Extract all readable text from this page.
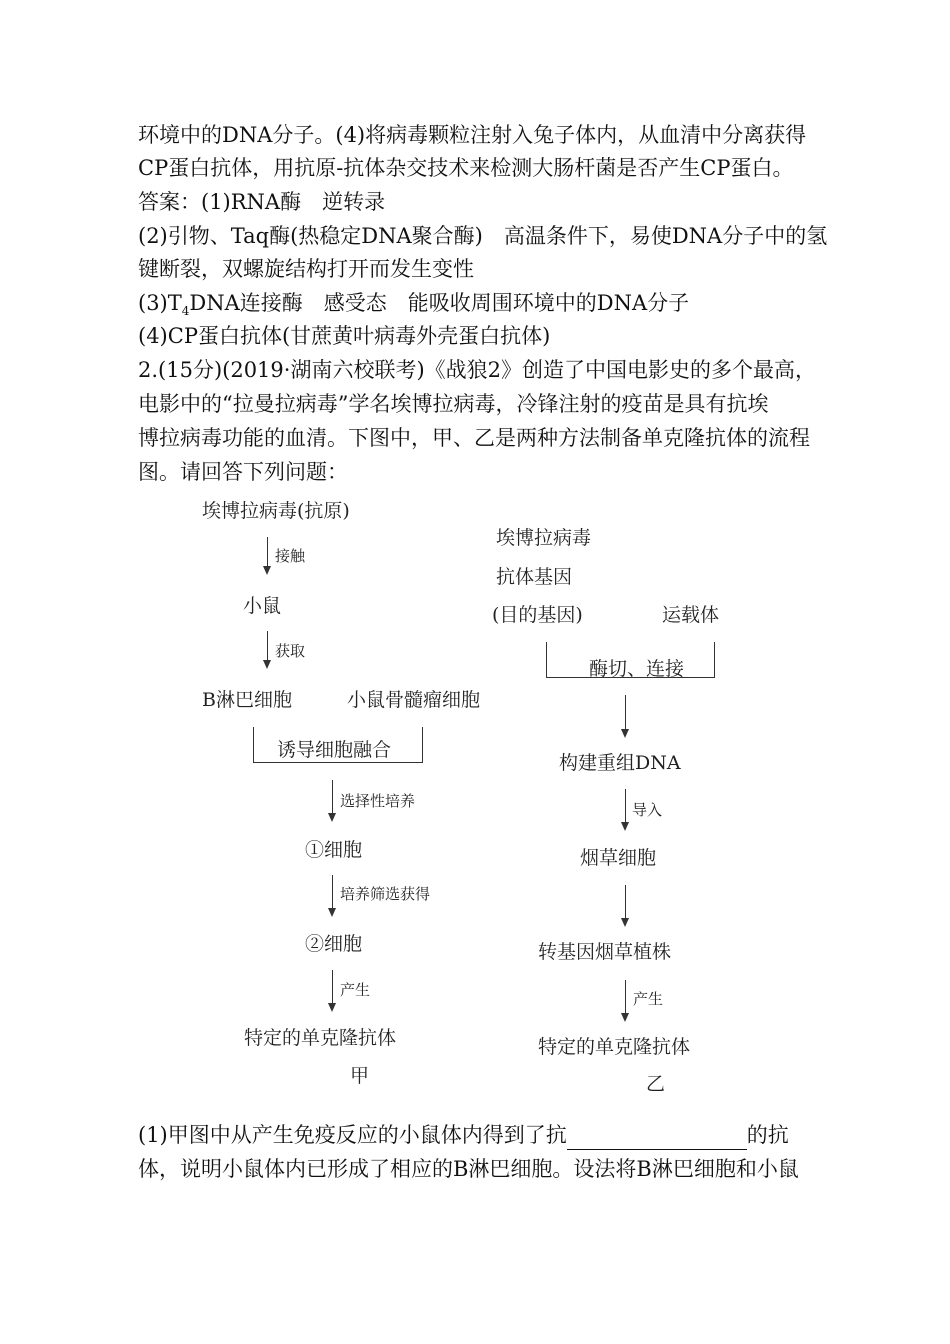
环境中的DNA分子。(4)将病毒颗粒注射入兔子体内，从血清中分离获得
CP蛋白抗体，用抗原-抗体杂交技术来检测大肠杆菌是否产生CP蛋白。
答案：(1)RNA酶　逆转录
(2)引物、Taq酶(热稳定DNA聚合酶)　高温条件下，易使DNA分子中的氢
键断裂，双螺旋结构打开而发生变性
$(3)T_4DNA$连接酶　感受态　能吸收周围环境中的DNA分子
(4)CP蛋白抗体(甘蔗黄叶病毒外壳蛋白抗体)
2.(15分)(2019·湖南六校联考)《战狼2》创造了中国电影史的多个最高，
电影中的“拉曼拉病毒”学名埃博拉病毒，冷锋注射的疫苗是具有抗埃
博拉病毒功能的血清。下图中，甲、乙是两种方法制备单克隆抗体的流程
图。请回答下列问题：
埃博拉病毒(抗原)
接触
小鼠
获取
B淋巴细胞	小鼠骨髓瘤细胞
诱导细胞融合
选择性培养
①细胞
培养筛选获得
②细胞
产生
特定的单克隆抗体
甲
埃博拉病毒
抗体基因
(目的基因)	运载体
酶切、连接
构建重组DNA
导入
烟草细胞
转基因烟草植株
产生
特定的单克隆抗体
乙
(1)甲图中从产生免疫反应的小鼠体内得到了抗	的抗
体，说明小鼠体内已形成了相应的B淋巴细胞。设法将B淋巴细胞和小鼠
